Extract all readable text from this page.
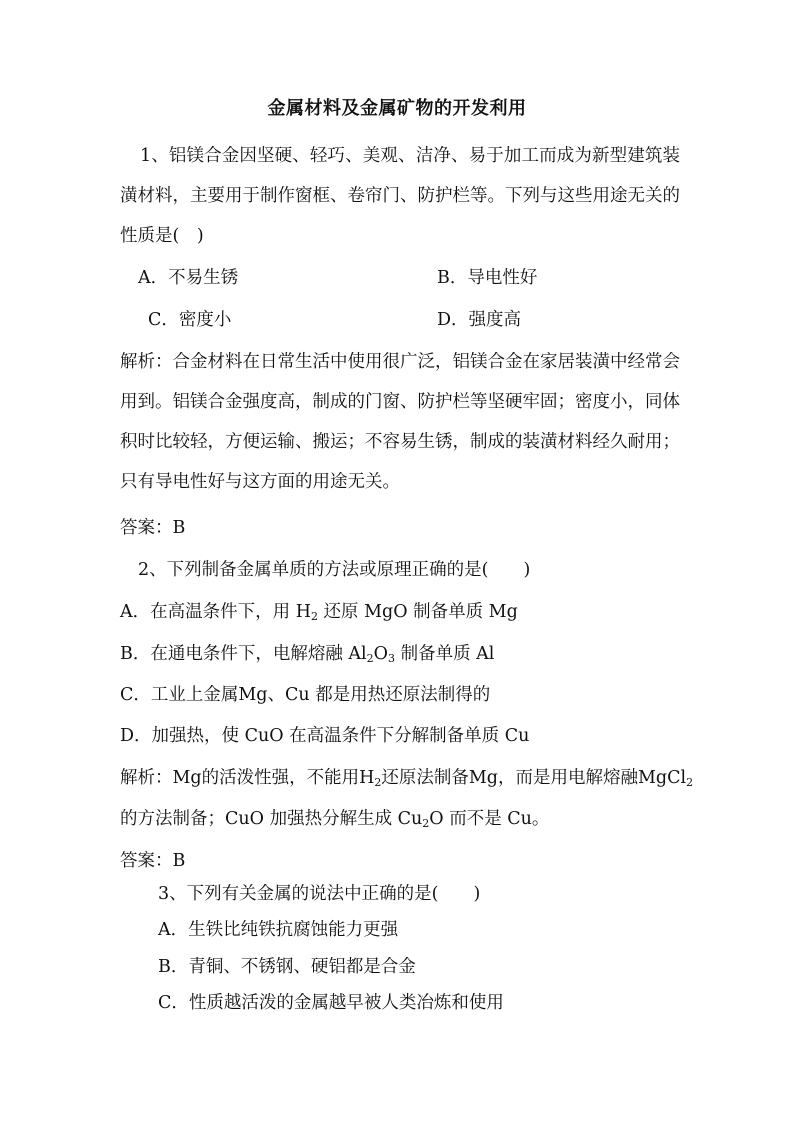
金属材料及金属矿物的开发利用
1、铝镁合金因坚硬、轻巧、美观、洁净、易于加工而成为新型建筑装潢材料，主要用于制作窗框、卷帘门、防护栏等。下列与这些用途无关的性质是(　)
A．不易生锈	B．导电性好
C．密度小	D．强度高
解析：合金材料在日常生活中使用很广泛，铝镁合金在家居装潢中经常会用到。铝镁合金强度高，制成的门窗、防护栏等坚硬牢固；密度小，同体积时比较轻，方便运输、搬运；不容易生锈，制成的装潢材料经久耐用；只有导电性好与这方面的用途无关。
答案：B
2、下列制备金属单质的方法或原理正确的是(　　)
A．在高温条件下，用 $H_2$ 还原 MgO 制备单质 Mg
B．在通电条件下，电解熔融 $Al_2O_3$ 制备单质 Al
C．工业上金属Mg、Cu 都是用热还原法制得的
D．加强热，使 CuO 在高温条件下分解制备单质 Cu
解析：Mg的活泼性强，不能用$H_2$还原法制备Mg，而是用电解熔融MgCl$_2$
的方法制备；CuO 加强热分解生成 $Cu_2O$ 而不是 Cu。
答案：B
3、下列有关金属的说法中正确的是(　　)
A．生铁比纯铁抗腐蚀能力更强
B．青铜、不锈钢、硬铝都是合金
C．性质越活泼的金属越早被人类冶炼和使用
